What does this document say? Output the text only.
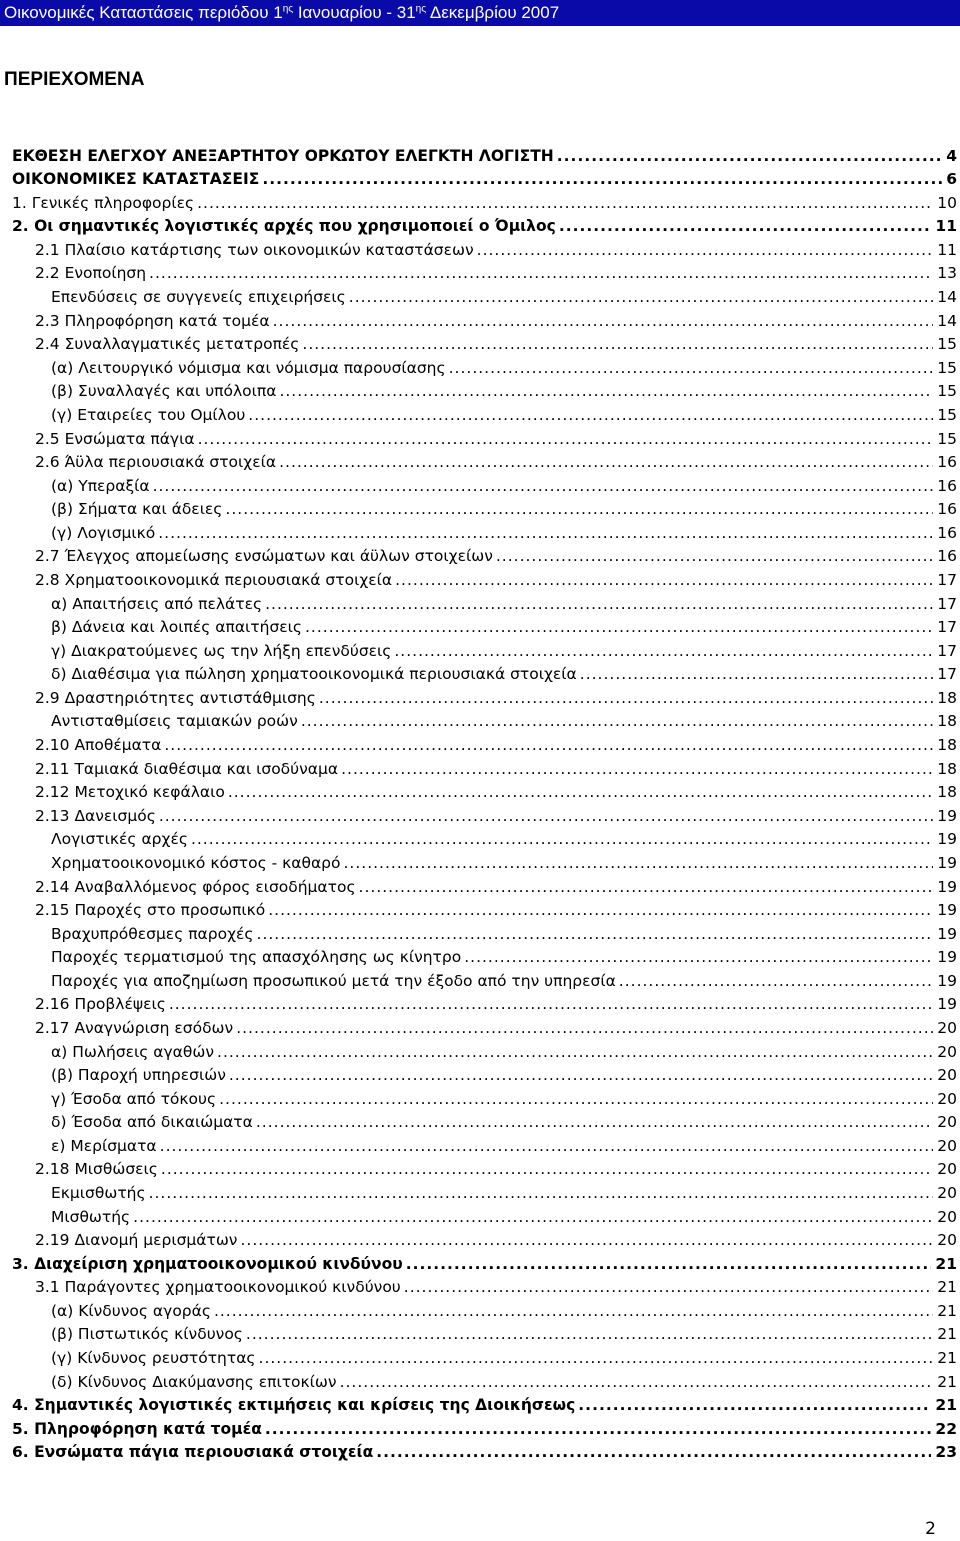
Οικονομικές Καταστάσεις περιόδου $1^{\eta\varsigma}$ Ιανουαρίου - $31^{\eta\varsigma}$ Δεκεμβρίου 2007
ΠΕΡΙΕΧΟΜΕΝΑ
ΕΚΘΕΣΗ ΕΛΕΓΧΟΥ ΑΝΕΞΑΡΤΗΤΟΥ ΟΡΚΩΤΟΥ ΕΛΕΓΚΤΗ ΛΟΓΙΣΤΗ .....	4
ΟΙΚΟΝΟΜΙΚΕΣ ΚΑΤΑΣΤΑΣΕΙΣ .....	6
1. Γενικές πληροφορίες .....	10
2. Οι σημαντικές λογιστικές αρχές που χρησιμοποιεί ο Όμιλος .....	11
2.1 Πλαίσιο κατάρτισης των οικονομικών καταστάσεων .....	11
2.2 Ενοποίηση .....	13
Επενδύσεις σε συγγενείς επιχειρήσεις .....	14
2.3 Πληροφόρηση κατά τομέα .....	14
2.4 Συναλλαγματικές μετατροπές .....	15
(α) Λειτουργικό νόμισμα και νόμισμα παρουσίασης .....	15
(β) Συναλλαγές και υπόλοιπα .....	15
(γ) Εταιρείες του Ομίλου .....	15
2.5 Ενσώματα πάγια .....	15
2.6 Άϋλα περιουσιακά στοιχεία .....	16
(α) Υπεραξία .....	16
(β) Σήματα και άδειες .....	16
(γ) Λογισμικό .....	16
2.7 Έλεγχος απομείωσης ενσώματων και άϋλων στοιχείων .....	16
2.8 Χρηματοοικονομικά περιουσιακά στοιχεία .....	17
α) Απαιτήσεις από πελάτες .....	17
β) Δάνεια και λοιπές απαιτήσεις .....	17
γ) Διακρατούμενες ως την λήξη επενδύσεις .....	17
δ) Διαθέσιμα για πώληση χρηματοοικονομικά περιουσιακά στοιχεία .....	17
2.9 Δραστηριότητες αντιστάθμισης .....	18
Αντισταθμίσεις ταμιακών ροών .....	18
2.10 Αποθέματα .....	18
2.11 Ταμιακά διαθέσιμα και ισοδύναμα .....	18
2.12 Μετοχικό κεφάλαιο .....	18
2.13 Δανεισμός .....	19
Λογιστικές αρχές .....	19
Χρηματοοικονομικό κόστος - καθαρό .....	19
2.14 Αναβαλλόμενος φόρος εισοδήματος .....	19
2.15 Παροχές στο προσωπικό .....	19
Βραχυπρόθεσμες παροχές .....	19
Παροχές τερματισμού της απασχόλησης ως κίνητρο .....	19
Παροχές για αποζημίωση προσωπικού μετά την έξοδο από την υπηρεσία .....	19
2.16 Προβλέψεις .....	19
2.17 Αναγνώριση εσόδων .....	20
α) Πωλήσεις αγαθών .....	20
(β) Παροχή υπηρεσιών .....	20
γ) Έσοδα από τόκους .....	20
δ) Έσοδα από δικαιώματα .....	20
ε) Μερίσματα .....	20
2.18 Μισθώσεις .....	20
Εκμισθωτής .....	20
Μισθωτής .....	20
2.19 Διανομή μερισμάτων .....	20
3. Διαχείριση χρηματοοικονομικού κινδύνου .....	21
3.1 Παράγοντες χρηματοοικονομικού κινδύνου .....	21
(α) Κίνδυνος αγοράς .....	21
(β) Πιστωτικός κίνδυνος .....	21
(γ) Κίνδυνος ρευστότητας .....	21
(δ) Κίνδυνος Διακύμανσης επιτοκίων .....	21
4. Σημαντικές λογιστικές εκτιμήσεις και κρίσεις της Διοικήσεως .....	21
5. Πληροφόρηση κατά τομέα .....	22
6. Ενσώματα πάγια περιουσιακά στοιχεία .....	23
2
